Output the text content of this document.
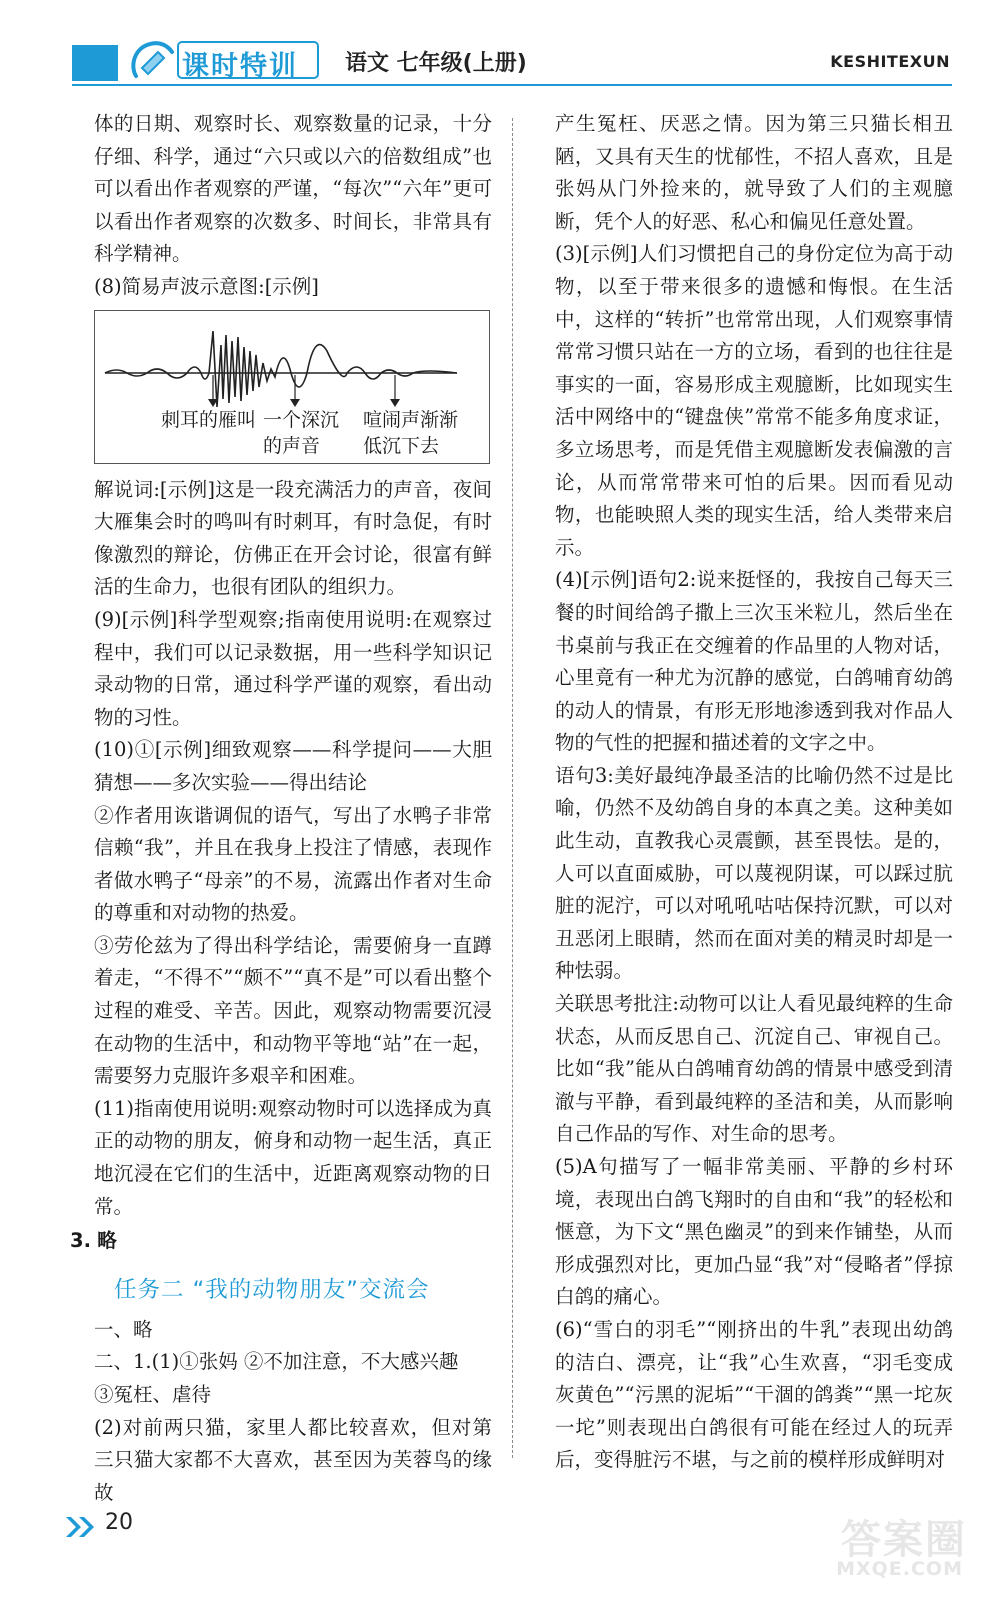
课时特训 语文 七年级(上册)	KESHITEXUN

体的日期、观察时长、观察数量的记录，十分仔细、科学，通过“六只或以六的倍数组成”也可以看出作者观察的严谨，“每次”“六年”更可以看出作者观察的次数多、时间长，非常具有科学精神。

(8)简易声波示意图:[示例]

刺耳的雁叫 一个深沉
的声音
喧闹声渐渐
低沉下去

解说词:[示例]这是一段充满活力的声音，夜间大雁集会时的鸣叫有时刺耳，有时急促，有时像激烈的辩论，仿佛正在开会讨论，很富有鲜活的生命力，也很有团队的组织力。

(9)[示例]科学型观察;指南使用说明:在观察过程中，我们可以记录数据，用一些科学知识记录动物的日常，通过科学严谨的观察，看出动物的习性。

(10)①[示例]细致观察——科学提问——大胆猜想——多次实验——得出结论

②作者用诙谐调侃的语气，写出了水鸭子非常信赖“我”，并且在我身上投注了情感，表现作者做水鸭子“母亲”的不易，流露出作者对生命的尊重和对动物的热爱。

③劳伦兹为了得出科学结论，需要俯身一直蹲着走，“不得不”“颇不”“真不是”可以看出整个过程的难受、辛苦。因此，观察动物需要沉浸在动物的生活中，和动物平等地“站”在一起，需要努力克服许多艰辛和困难。

(11)指南使用说明:观察动物时可以选择成为真正的动物的朋友，俯身和动物一起生活，真正地沉浸在它们的生活中，近距离观察动物的日常。

3. 略

任务二 “我的动物朋友”交流会

一、略

二、1.(1)①张妈 ②不加注意，不大感兴趣

③冤枉、虐待

(2)对前两只猫，家里人都比较喜欢，但对第三只猫大家都不大喜欢，甚至因为芙蓉鸟的缘故

产生冤枉、厌恶之情。因为第三只猫长相丑陋，又具有天生的忧郁性，不招人喜欢，且是张妈从门外捡来的，就导致了人们的主观臆断，凭个人的好恶、私心和偏见任意处置。

(3)[示例]人们习惯把自己的身份定位为高于动物，以至于带来很多的遗憾和悔恨。在生活中，这样的“转折”也常常出现，人们观察事情常常习惯只站在一方的立场，看到的也往往是事实的一面，容易形成主观臆断，比如现实生活中网络中的“键盘侠”常常不能多角度求证，多立场思考，而是凭借主观臆断发表偏激的言论，从而常常带来可怕的后果。因而看见动物，也能映照人类的现实生活，给人类带来启示。

(4)[示例]语句2:说来挺怪的，我按自己每天三餐的时间给鸽子撒上三次玉米粒儿，然后坐在书桌前与我正在交缠着的作品里的人物对话，心里竟有一种尤为沉静的感觉，白鸽哺育幼鸽的动人的情景，有形无形地渗透到我对作品人物的气性的把握和描述着的文字之中。

语句3:美好最纯净最圣洁的比喻仍然不过是比喻，仍然不及幼鸽自身的本真之美。这种美如此生动，直教我心灵震颤，甚至畏怯。是的，人可以直面威胁，可以蔑视阴谋，可以踩过肮脏的泥泞，可以对吼吼咕咕保持沉默，可以对丑恶闭上眼睛，然而在面对美的精灵时却是一种怯弱。

关联思考批注:动物可以让人看见最纯粹的生命状态，从而反思自己、沉淀自己、审视自己。比如“我”能从白鸽哺育幼鸽的情景中感受到清澈与平静，看到最纯粹的圣洁和美，从而影响自己作品的写作、对生命的思考。

(5)A句描写了一幅非常美丽、平静的乡村环境，表现出白鸽飞翔时的自由和“我”的轻松和惬意，为下文“黑色幽灵”的到来作铺垫，从而形成强烈对比，更加凸显“我”对“侵略者”俘掠白鸽的痛心。

(6)“雪白的羽毛”“刚挤出的牛乳”表现出幼鸽的洁白、漂亮，让“我”心生欢喜，“羽毛变成灰黄色”“污黑的泥垢”“干涸的鸽粪”“黑一坨灰一坨”则表现出白鸽很有可能在经过人的玩弄后，变得脏污不堪，与之前的模样形成鲜明对

20	答案圈
MXQE.COM
